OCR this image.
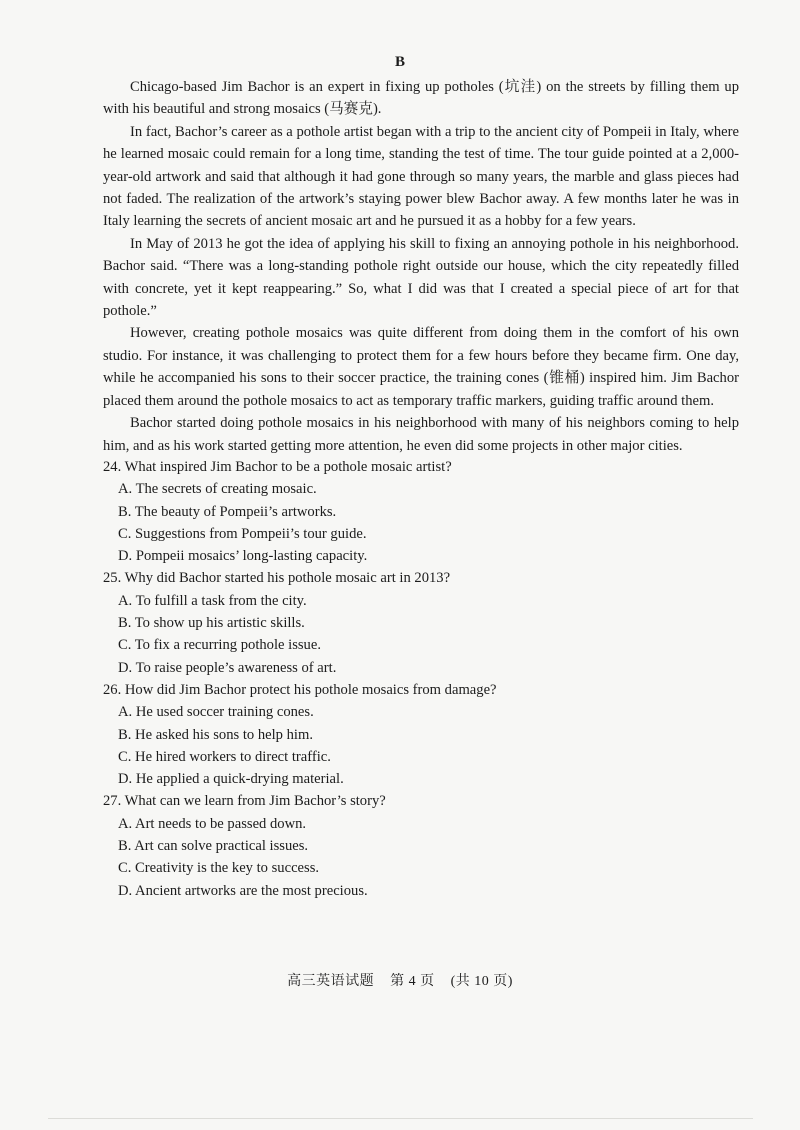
B

Chicago-based Jim Bachor is an expert in fixing up potholes (坑洼) on the streets by filling them up with his beautiful and strong mosaics (马赛克).

In fact, Bachor’s career as a pothole artist began with a trip to the ancient city of Pompeii in Italy, where he learned mosaic could remain for a long time, standing the test of time. The tour guide pointed at a 2,000-year-old artwork and said that although it had gone through so many years, the marble and glass pieces had not faded. The realization of the artwork’s staying power blew Bachor away. A few months later he was in Italy learning the secrets of ancient mosaic art and he pursued it as a hobby for a few years.

In May of 2013 he got the idea of applying his skill to fixing an annoying pothole in his neighborhood. Bachor said. “There was a long-standing pothole right outside our house, which the city repeatedly filled with concrete, yet it kept reappearing.” So, what I did was that I created a special piece of art for that pothole.”

However, creating pothole mosaics was quite different from doing them in the comfort of his own studio. For instance, it was challenging to protect them for a few hours before they became firm. One day, while he accompanied his sons to their soccer practice, the training cones (锥桶) inspired him. Jim Bachor placed them around the pothole mosaics to act as temporary traffic markers, guiding traffic around them.

Bachor started doing pothole mosaics in his neighborhood with many of his neighbors coming to help him, and as his work started getting more attention, he even did some projects in other major cities.

24. What inspired Jim Bachor to be a pothole mosaic artist?

A. The secrets of creating mosaic.

B. The beauty of Pompeii’s artworks.

C. Suggestions from Pompeii’s tour guide.

D. Pompeii mosaics’ long-lasting capacity.

25. Why did Bachor started his pothole mosaic art in 2013?

A. To fulfill a task from the city.

B. To show up his artistic skills.

C. To fix a recurring pothole issue.

D. To raise people’s awareness of art.

26. How did Jim Bachor protect his pothole mosaics from damage?

A. He used soccer training cones.

B. He asked his sons to help him.

C. He hired workers to direct traffic.

D. He applied a quick-drying material.

27. What can we learn from Jim Bachor’s story?

A. Art needs to be passed down.

B. Art can solve practical issues.

C. Creativity is the key to success.

D. Ancient artworks are the most precious.

高三英语试题 第 4 页 (共 10 页)
